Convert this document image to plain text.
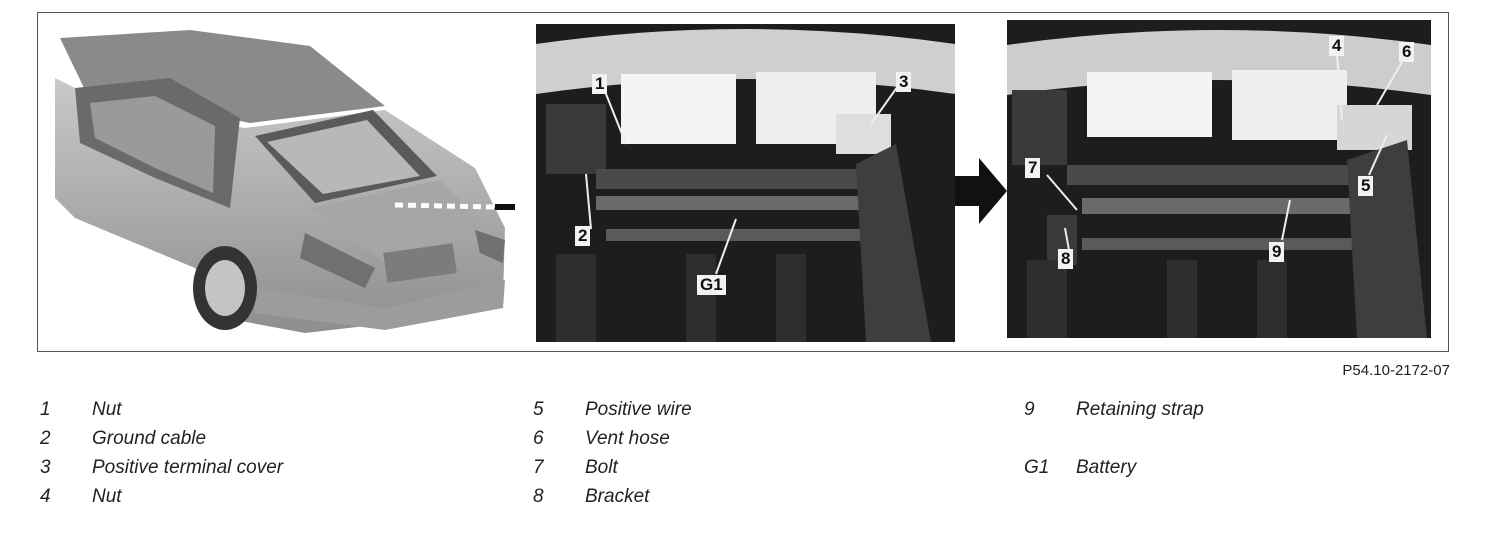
1
2
3
G1
4
5
6
7
8	9
P54.10-2172-07
1 Nut
2 Ground cable
3 Positive terminal cover
4 Nut
5 Positive wire
6 Vent hose
7 Bolt
8 Bracket
9 Retaining strap
G1 Battery
